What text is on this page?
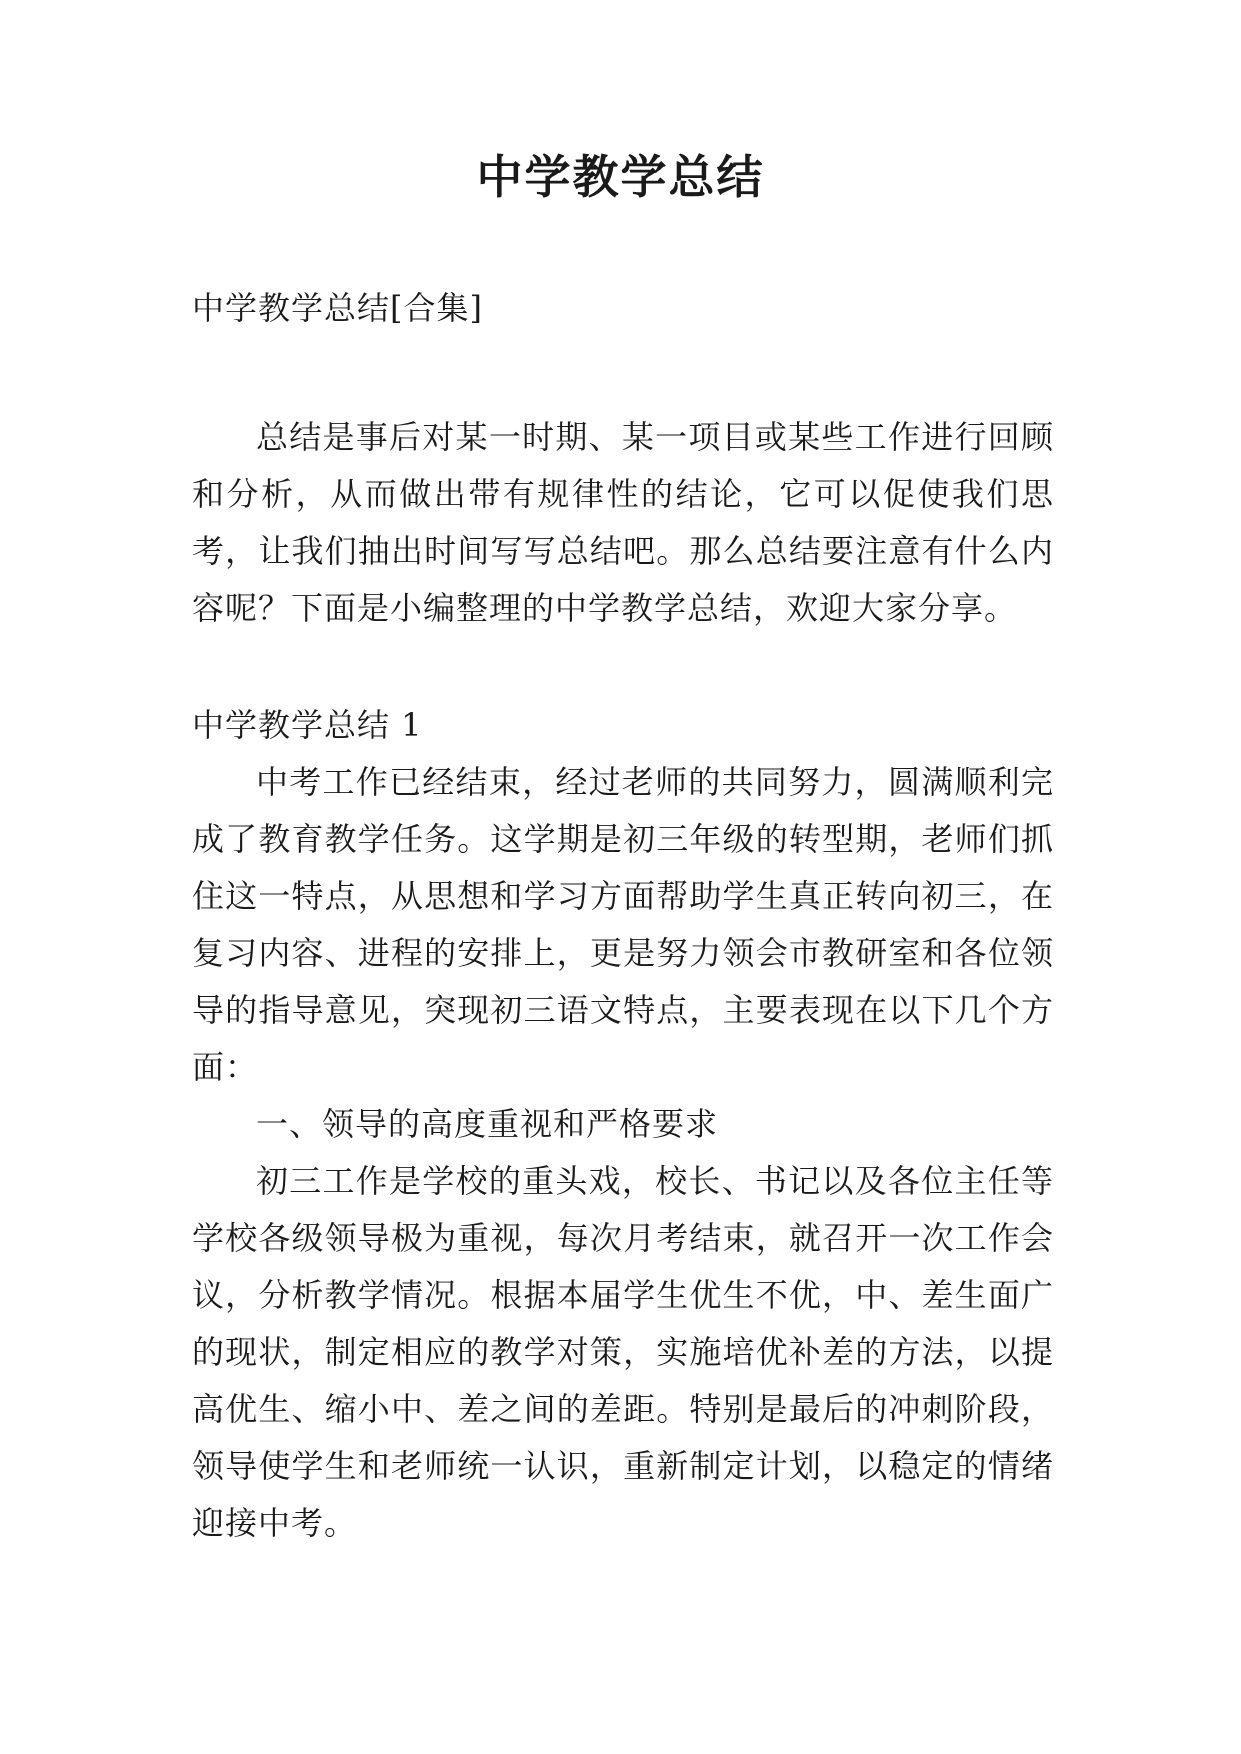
中学教学总结

中学教学总结[合集]

总结是事后对某一时期、某一项目或某些工作进行回顾和分析，从而做出带有规律性的结论，它可以促使我们思考，让我们抽出时间写写总结吧。那么总结要注意有什么内容呢？下面是小编整理的中学教学总结，欢迎大家分享。

中学教学总结 1

中考工作已经结束，经过老师的共同努力，圆满顺利完成了教育教学任务。这学期是初三年级的转型期，老师们抓住这一特点，从思想和学习方面帮助学生真正转向初三，在复习内容、进程的安排上，更是努力领会市教研室和各位领导的指导意见，突现初三语文特点，主要表现在以下几个方面：

一、领导的高度重视和严格要求

初三工作是学校的重头戏，校长、书记以及各位主任等学校各级领导极为重视，每次月考结束，就召开一次工作会议，分析教学情况。根据本届学生优生不优，中、差生面广的现状，制定相应的教学对策，实施培优补差的方法，以提高优生、缩小中、差之间的差距。特别是最后的冲刺阶段，领导使学生和老师统一认识，重新制定计划，以稳定的情绪迎接中考。
